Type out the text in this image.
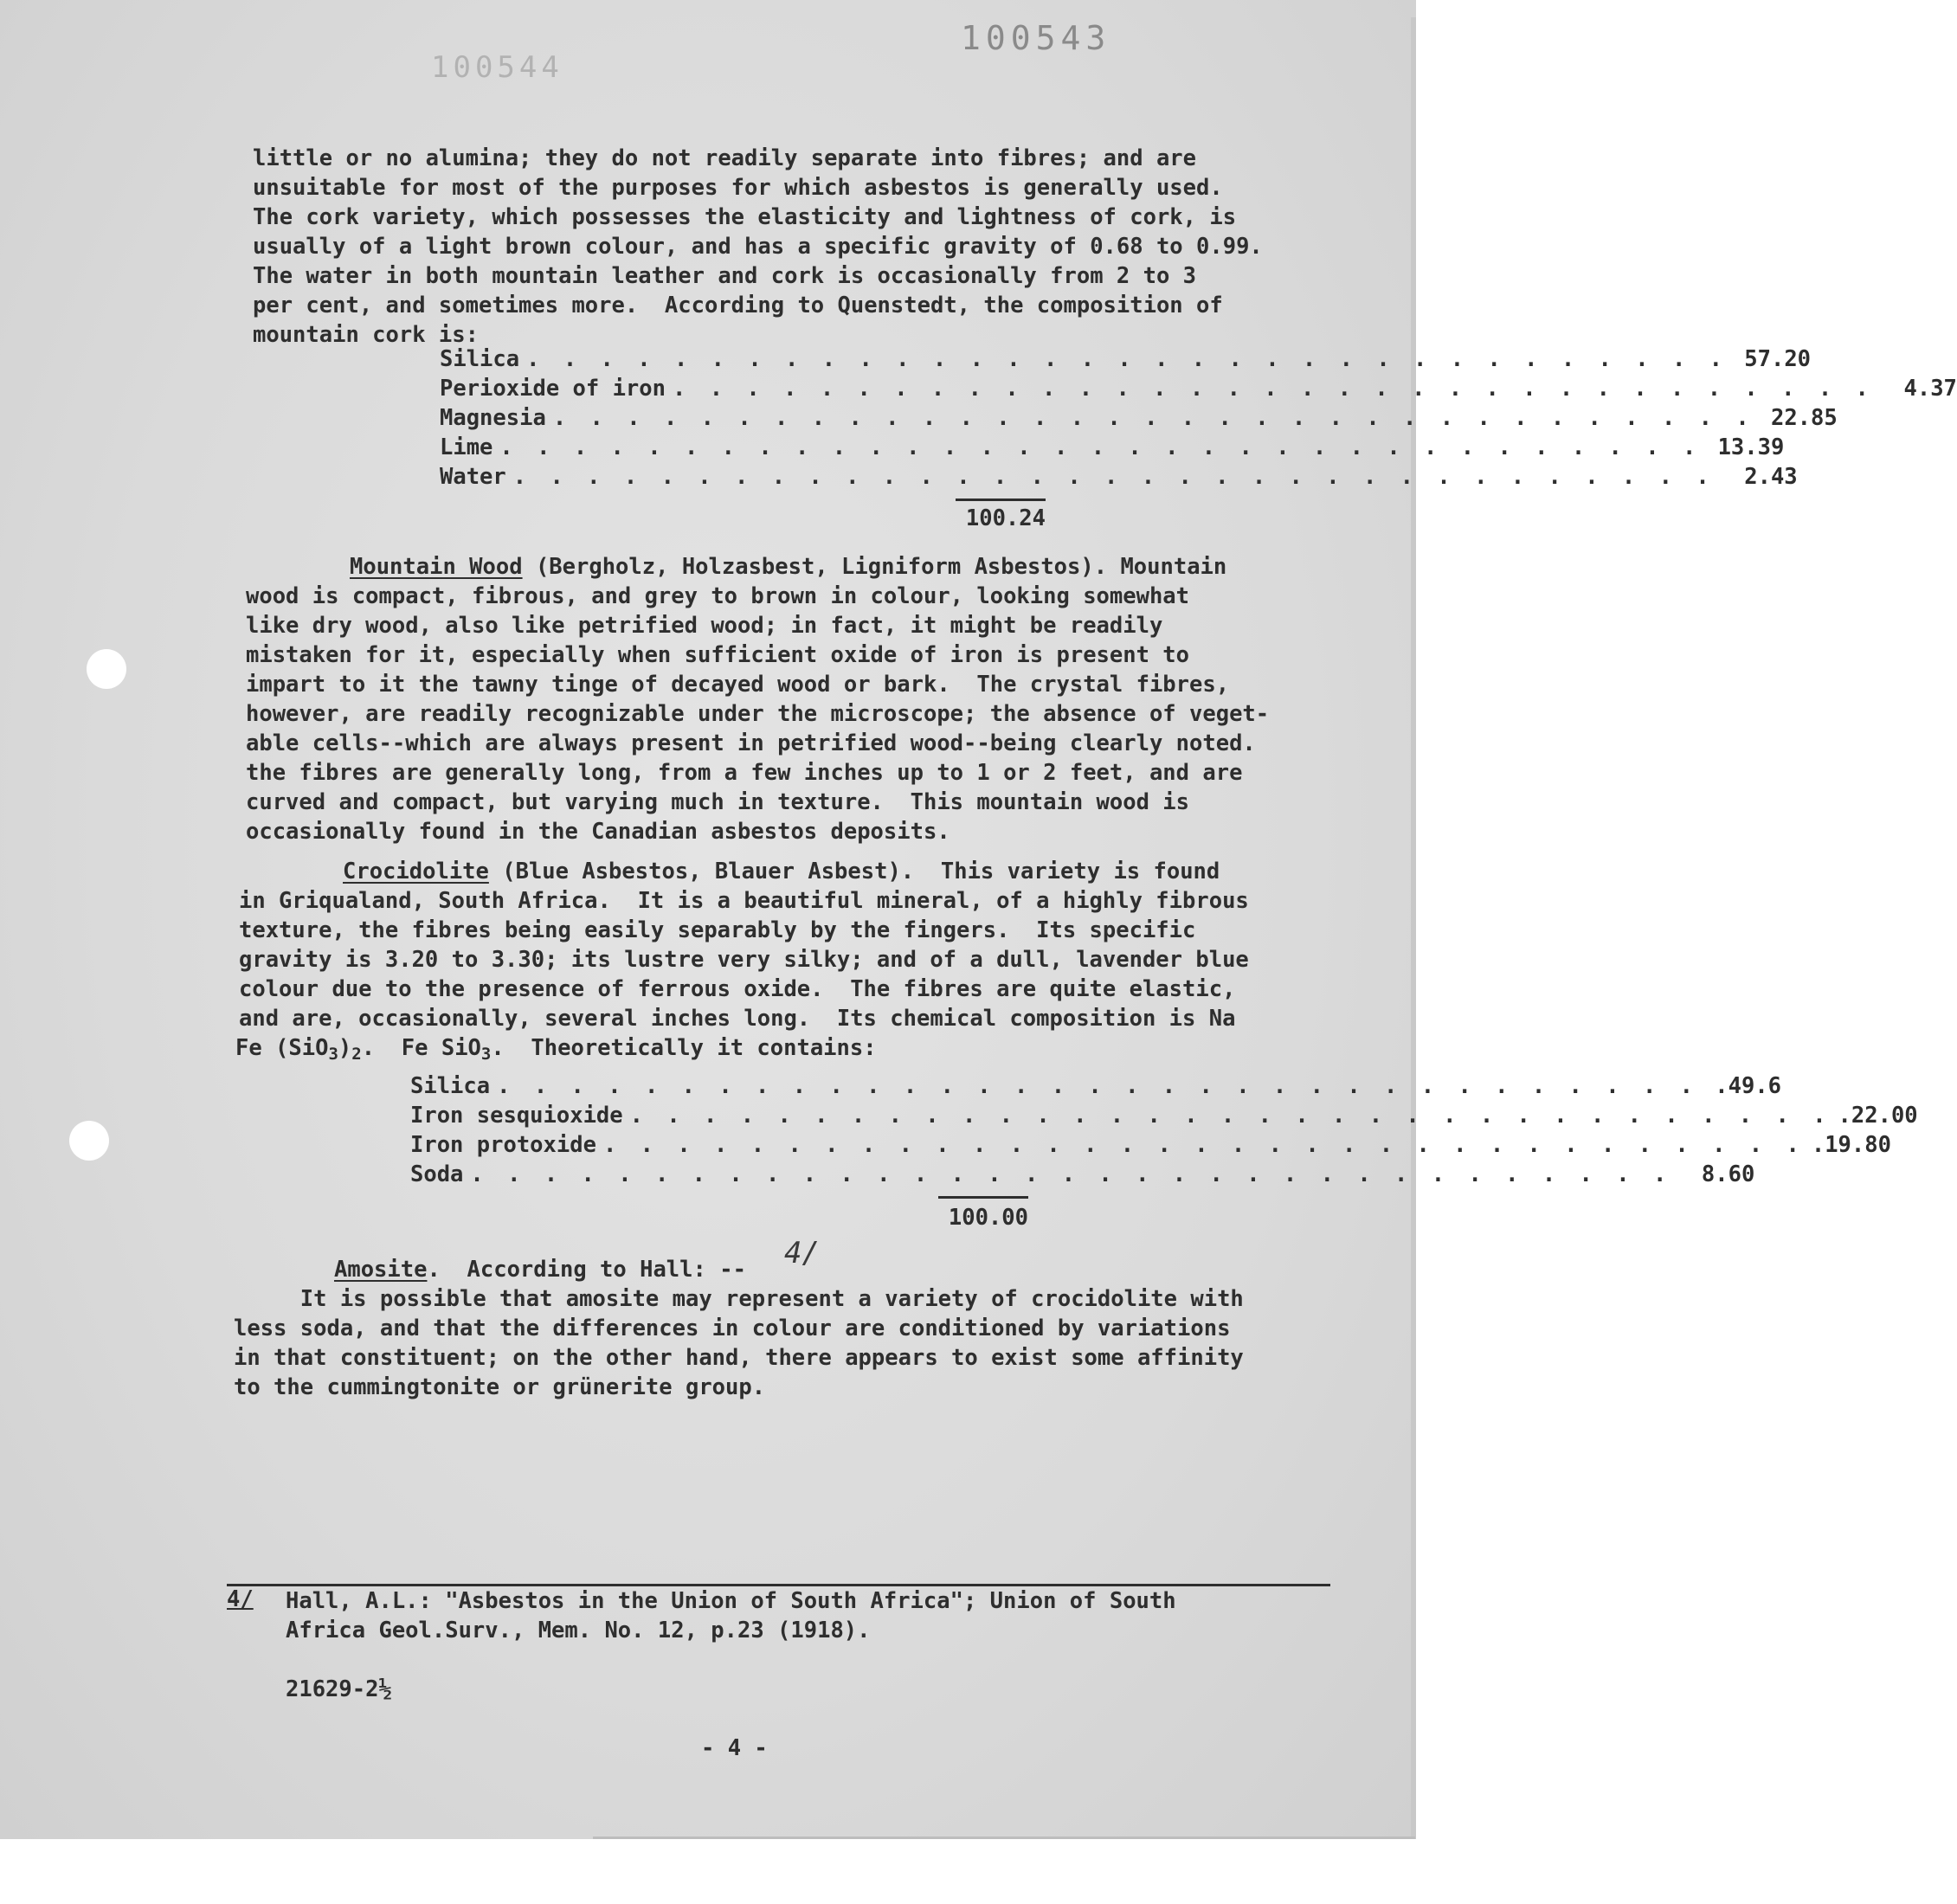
100543
100544
little or no alumina; they do not readily separate into fibres; and are
unsuitable for most of the purposes for which asbestos is generally used.
The cork variety, which possesses the elasticity and lightness of cork, is
usually of a light brown colour, and has a specific gravity of 0.68 to 0.99.
The water in both mountain leather and cork is occasionally from 2 to 3
per cent, and sometimes more.  According to Quenstedt, the composition of
mountain cork is:
Silica . . . . . . . . . . . . . . . . . . . . . . . . . . . . . . . . . 57.20
Perioxide of iron . . . . . . . . . . . . . . . . . . . . . . . . . . . . . . . . .	4.37
Magnesia . . . . . . . . . . . . . . . . . . . . . . . . . . . . . . . . . 22.85
Lime . . . . . . . . . . . . . . . . . . . . . . . . . . . . . . . . . 13.39
Water . . . . . . . . . . . . . . . . . . . . . . . . . . . . . . . . .	2.43
100.24
Mountain Wood (Bergholz, Holzasbest, Ligniform Asbestos). Mountain
wood is compact, fibrous, and grey to brown in colour, looking somewhat
like dry wood, also like petrified wood; in fact, it might be readily
mistaken for it, especially when sufficient oxide of iron is present to
impart to it the tawny tinge of decayed wood or bark.  The crystal fibres,
however, are readily recognizable under the microscope; the absence of veget-
able cells--which are always present in petrified wood--being clearly noted.
the fibres are generally long, from a few inches up to 1 or 2 feet, and are
curved and compact, but varying much in texture.  This mountain wood is
occasionally found in the Canadian asbestos deposits.
Crocidolite (Blue Asbestos, Blauer Asbest).  This variety is found
in Griqualand, South Africa.  It is a beautiful mineral, of a highly fibrous
texture, the fibres being easily separably by the fingers.  Its specific
gravity is 3.20 to 3.30; its lustre very silky; and of a dull, lavender blue
colour due to the presence of ferrous oxide.  The fibres are quite elastic,
and are, occasionally, several inches long.  Its chemical composition is Na
Fe $(SiO_3)_2$.  Fe SiO$_3$.  Theoretically it contains:
Silica . . . . . . . . . . . . . . . . . . . . . . . . . . . . . . . . . .49.6
Iron sesquioxide . . . . . . . . . . . . . . . . . . . . . . . . . . . . . . . . . .22.00
Iron protoxide . . . . . . . . . . . . . . . . . . . . . . . . . . . . . . . . . .19.80
Soda . . . . . . . . . . . . . . . . . . . . . . . . . . . . . . . . .	8.60
100.00
Amosite.  According to Hall: -- 4/
It is possible that amosite may represent a variety of crocidolite with
less soda, and that the differences in colour are conditioned by variations
in that constituent; on the other hand, there appears to exist some affinity
to the cummingtonite or grünerite group.
4/ Hall, A.L.: "Asbestos in the Union of South Africa"; Union of South
Africa Geol.Surv., Mem. No. 12, p.23 (1918).
21629-2½
- 4 -
